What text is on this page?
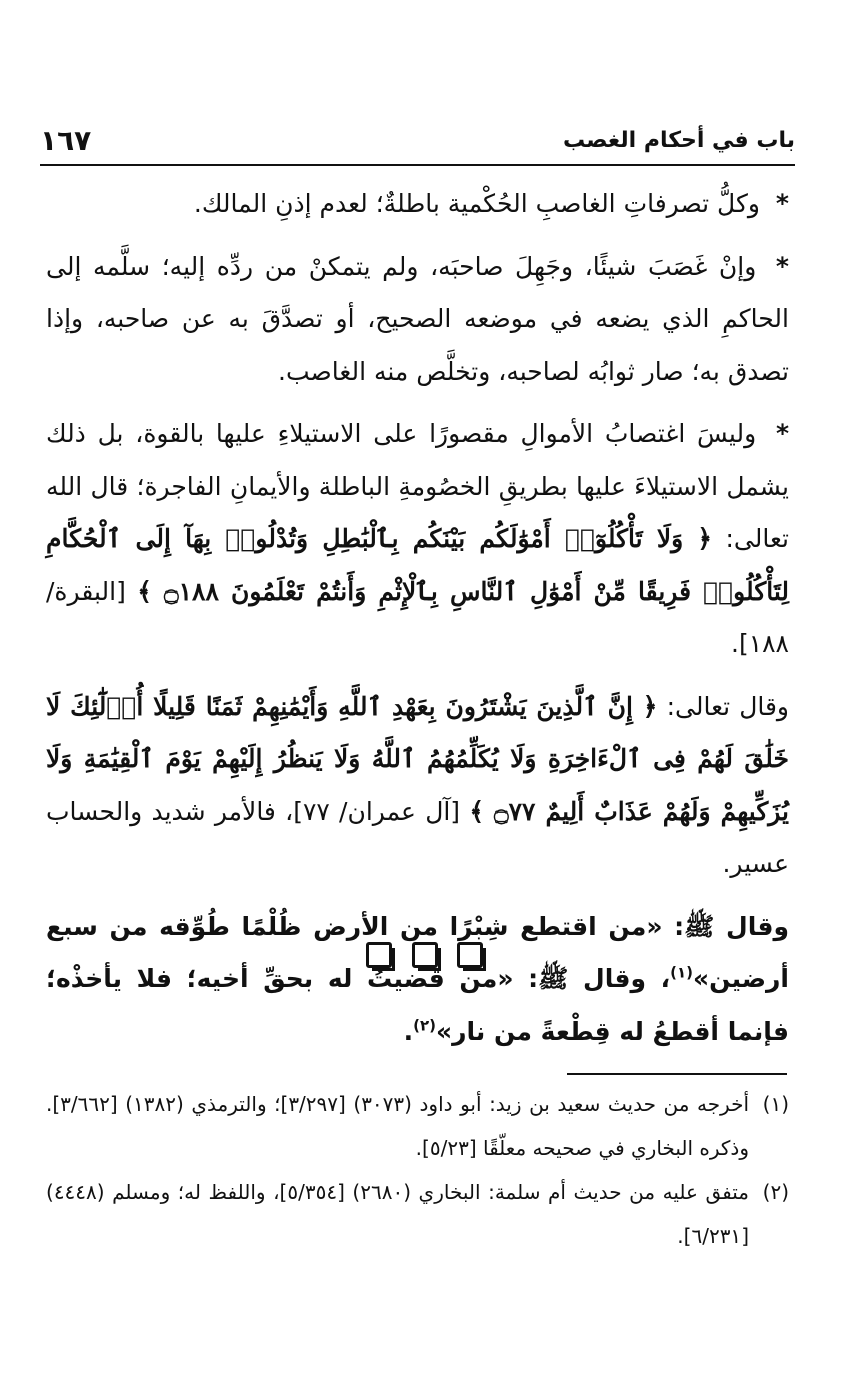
باب في أحكام الغصب
١٦٧

* وكلُّ تصرفاتِ الغاصبِ الحُكْمية باطلةٌ؛ لعدم إذنِ المالك.

* وإنْ غَصَبَ شيئًا، وجَهِلَ صاحبَه، ولم يتمكنْ من ردِّه إليه؛ سلَّمه إلى الحاكمِ الذي يضعه في موضعه الصحيح، أو تصدَّقَ به عن صاحبه، وإذا تصدق به؛ صار ثوابُه لصاحبه، وتخلَّص منه الغاصب.

* وليسَ اغتصابُ الأموالِ مقصورًا على الاستيلاءِ عليها بالقوة، بل ذلك يشمل الاستيلاءَ عليها بطريقِ الخصُومةِ الباطلة والأيمانِ الفاجرة؛ قال الله تعالى: ﴿ وَلَا تَأْكُلُوٓا۟ أَمْوَٰلَكُم بَيْنَكُم بِٱلْبَٰطِلِ وَتُدْلُوا۟ بِهَآ إِلَى ٱلْحُكَّامِ لِتَأْكُلُوا۟ فَرِيقًا مِّنْ أَمْوَٰلِ ٱلنَّاسِ بِٱلْإِثْمِ وَأَنتُمْ تَعْلَمُونَ ۝١٨٨ ﴾ [البقرة/ ١٨٨].

وقال تعالى: ﴿ إِنَّ ٱلَّذِينَ يَشْتَرُونَ بِعَهْدِ ٱللَّهِ وَأَيْمَٰنِهِمْ ثَمَنًا قَلِيلًا أُو۟لَٰٓئِكَ لَا خَلَٰقَ لَهُمْ فِى ٱلْءَاخِرَةِ وَلَا يُكَلِّمُهُمُ ٱللَّهُ وَلَا يَنظُرُ إِلَيْهِمْ يَوْمَ ٱلْقِيَٰمَةِ وَلَا يُزَكِّيهِمْ وَلَهُمْ عَذَابٌ أَلِيمٌ ۝٧٧ ﴾ [آل عمران/ ٧٧]، فالأمر شديد والحساب عسير.

وقال ﷺ: «من اقتطع شِبْرًا من الأرض ظُلْمًا طُوِّقه من سبع أرضين»$^{(١)}$، وقال ﷺ: «من قضيتُ له بحقِّ أخيه؛ فلا يأخذْه؛ فإنما أقطعُ له قِطْعةً من نار»$^{(٢)}$.

(١)
أخرجه من حديث سعيد بن زيد: أبو داود (٣٠٧٣) [٣/٢٩٧]؛ والترمذي (١٣٨٢) [٣/٦٦٢]. وذكره البخاري في صحيحه معلّقًا [٥/٢٣].

(٢)
متفق عليه من حديث أم سلمة: البخاري (٢٦٨٠) [٥/٣٥٤]، واللفظ له؛ ومسلم (٤٤٤٨) [٦/٢٣١].
